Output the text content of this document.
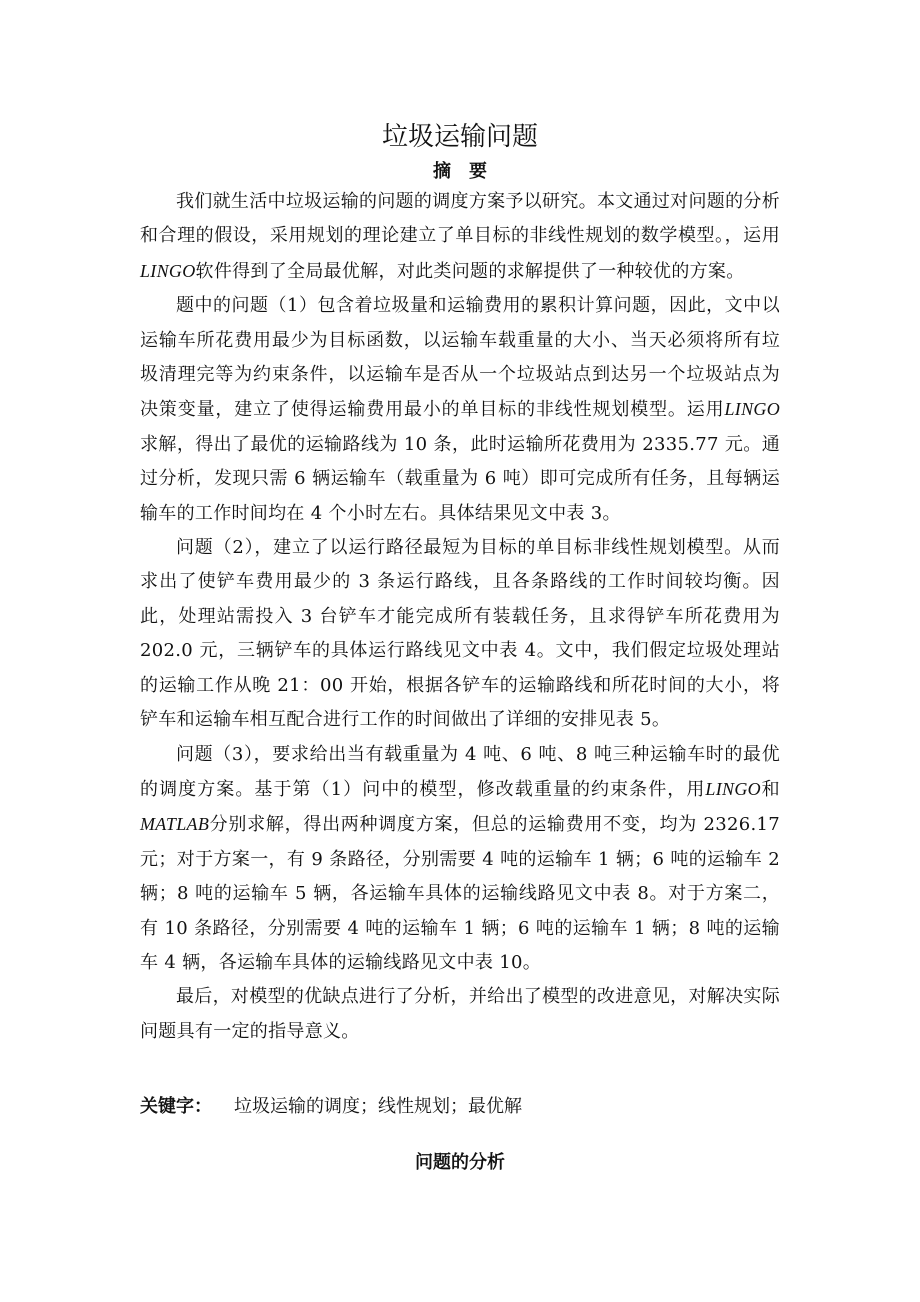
垃圾运输问题
摘要

我们就生活中垃圾运输的问题的调度方案予以研究。本文通过对问题的分析和合理的假设，采用规划的理论建立了单目标的非线性规划的数学模型。，运用LINGO软件得到了全局最优解，对此类问题的求解提供了一种较优的方案。

题中的问题（1）包含着垃圾量和运输费用的累积计算问题，因此，文中以运输车所花费用最少为目标函数，以运输车载重量的大小、当天必须将所有垃圾清理完等为约束条件，以运输车是否从一个垃圾站点到达另一个垃圾站点为决策变量，建立了使得运输费用最小的单目标的非线性规划模型。运用LINGO求解，得出了最优的运输路线为 10 条，此时运输所花费用为 2335.77 元。通过分析，发现只需 6 辆运输车（载重量为 6 吨）即可完成所有任务，且每辆运输车的工作时间均在 4 个小时左右。具体结果见文中表 3。

问题（2），建立了以运行路径最短为目标的单目标非线性规划模型。从而求出了使铲车费用最少的 3 条运行路线，且各条路线的工作时间较均衡。因此，处理站需投入 3 台铲车才能完成所有装载任务，且求得铲车所花费用为 202.0 元，三辆铲车的具体运行路线见文中表 4。文中，我们假定垃圾处理站的运输工作从晚 21：00 开始，根据各铲车的运输路线和所花时间的大小，将铲车和运输车相互配合进行工作的时间做出了详细的安排见表 5。

问题（3），要求给出当有载重量为 4 吨、6 吨、8 吨三种运输车时的最优的调度方案。基于第（1）问中的模型，修改载重量的约束条件，用LINGO和MATLAB分别求解，得出两种调度方案，但总的运输费用不变，均为 2326.17 元；对于方案一，有 9 条路径，分别需要 4 吨的运输车 1 辆；6 吨的运输车 2 辆；8 吨的运输车 5 辆，各运输车具体的运输线路见文中表 8。对于方案二，有 10 条路径，分别需要 4 吨的运输车 1 辆；6 吨的运输车 1 辆；8 吨的运输车 4 辆，各运输车具体的运输线路见文中表 10。

最后，对模型的优缺点进行了分析，并给出了模型的改进意见，对解决实际问题具有一定的指导意义。

关键字： 垃圾运输的调度；线性规划；最优解

问题的分析
